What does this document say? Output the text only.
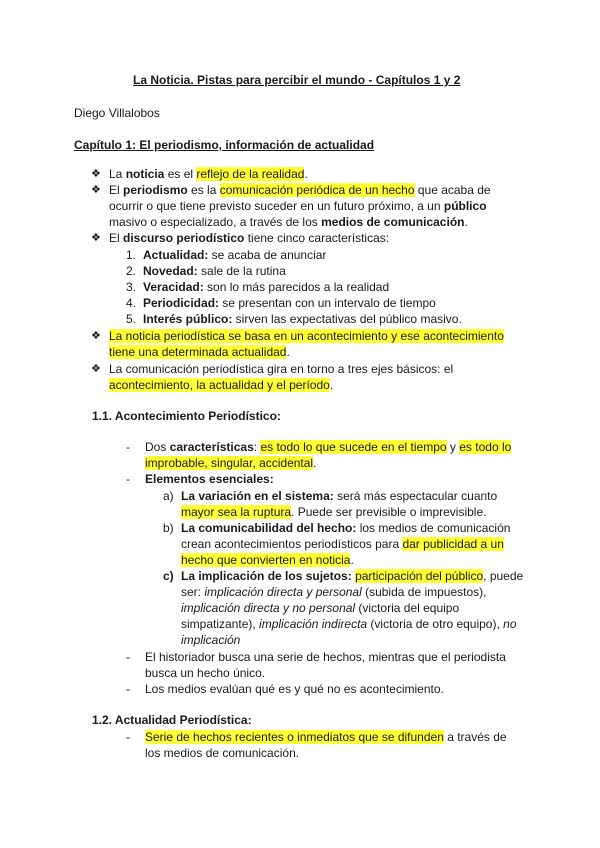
La Noticia. Pistas para percibir el mundo - Capítulos 1 y 2
Diego Villalobos
Capítulo 1: El periodismo, información de actualidad
❖ La noticia es el reflejo de la realidad.
❖ El periodismo es la comunicación periódica de un hecho que acaba de
ocurrir o que tiene previsto suceder en un futuro próximo, a un público
masivo o especializado, a través de los medios de comunicación.
❖ El discurso periodístico tiene cinco características:
1. Actualidad: se acaba de anunciar
2. Novedad: sale de la rutina
3. Veracidad: son lo más parecidos a la realidad
4. Periodicidad: se presentan con un intervalo de tiempo
5. Interés público: sirven las expectativas del público masivo.
❖ La noticia periodística se basa en un acontecimiento y ese acontecimiento
tiene una determinada actualidad.
❖ La comunicación periodística gira en torno a tres ejes básicos: el
acontecimiento, la actualidad y el período.
1.1. Acontecimiento Periodístico:
- Dos características: es todo lo que sucede en el tiempo y es todo lo
improbable, singular, accidental.
- Elementos esenciales:
a) La variación en el sistema: será más espectacular cuanto
mayor sea la ruptura. Puede ser previsible o imprevisible.
b) La comunicabilidad del hecho: los medios de comunicación
crean acontecimientos periodísticos para dar publicidad a un
hecho que convierten en noticia.
c) La implicación de los sujetos: participación del público, puede
ser: implicación directa y personal (subida de impuestos),
implicación directa y no personal (victoria del equipo
simpatizante), implicación indirecta (victoria de otro equipo), no
implicación
- El historiador busca una serie de hechos, mientras que el periodista
busca un hecho único.
- Los medios evalúan qué es y qué no es acontecimiento.
1.2. Actualidad Periodística:
- Serie de hechos recientes o inmediatos que se difunden a través de
los medios de comunicación.
